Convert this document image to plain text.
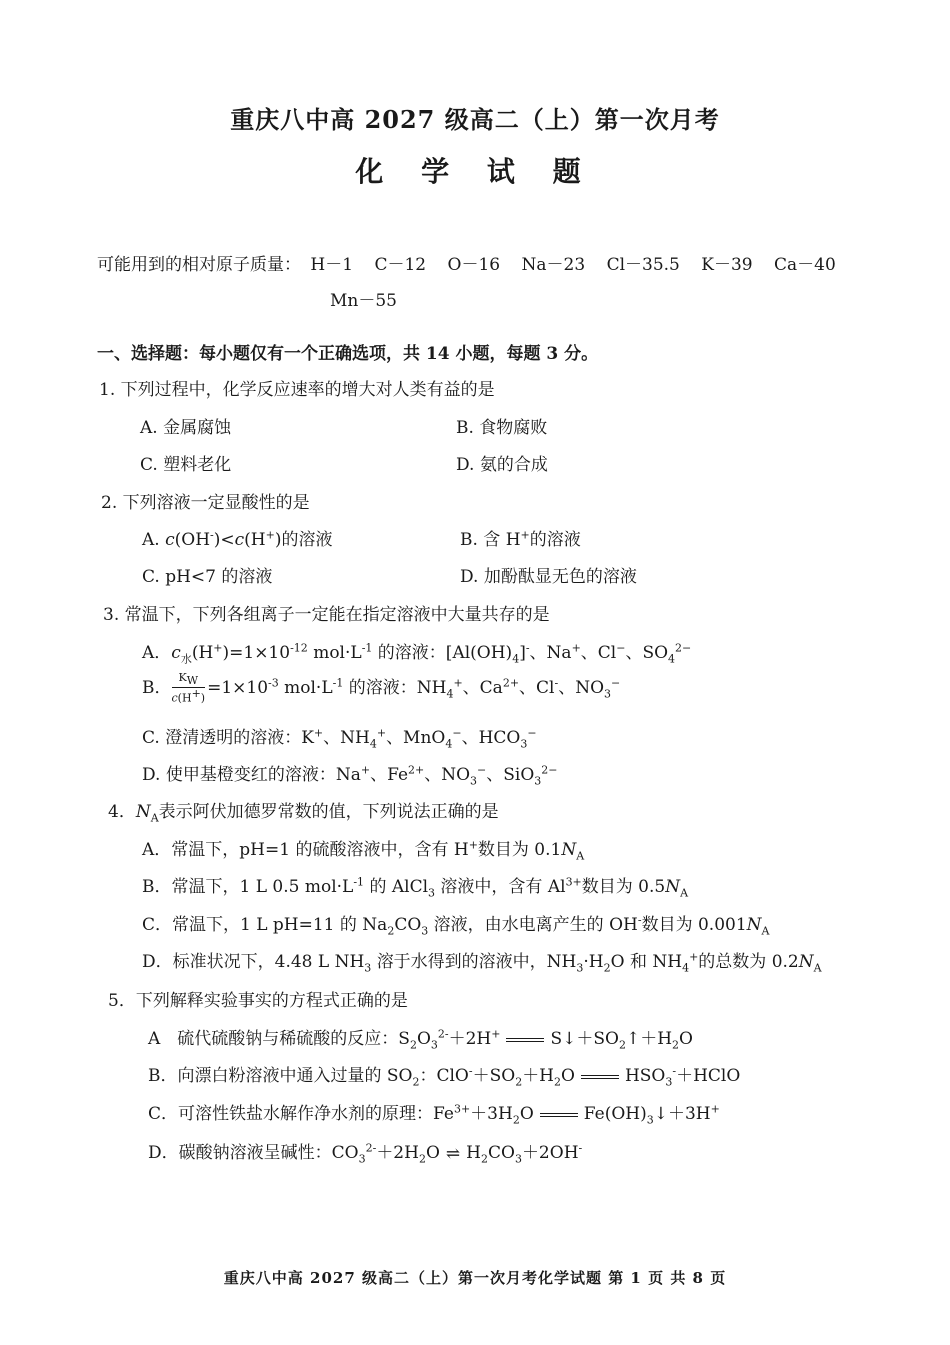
重庆八中高 2027 级高二（上）第一次月考
化 学 试 题
可能用到的相对原子质量： H－1 C－12 O－16 Na－23 Cl－35.5 K－39 Ca－40
Mn－55
一、选择题：每小题仅有一个正确选项，共 14 小题，每题 3 分。
1. 下列过程中，化学反应速率的增大对人类有益的是
A. 金属腐蚀	B. 食物腐败
C. 塑料老化	D. 氨的合成
2. 下列溶液一定显酸性的是
A. c(OH-)<c(H+)的溶液	B. 含 H+的溶液
C. pH<7 的溶液	D. 加酚酞显无色的溶液
3. 常温下，下列各组离子一定能在指定溶液中大量共存的是
A．$c_水(H^+)=1\times 10^{-12}$ $mol\cdot L^{-1}$ 的溶液：$[Al(OH)_4]^-$、Na+、Cl−、$SO_4^{2-}$
B． $\frac{K_W}{c(H^+)} =1\times 10^{-3}$ $mol\cdot L^{-1}$ 的溶液：$NH_4^+$、$Ca^{2+}$、Cl-、$NO_3^-$
C. 澄清透明的溶液：K+、$NH_4^+$、MnO$_4$−、$HCO_3^-$
D. 使甲基橙变红的溶液：Na+、$Fe^{2+}$、$NO_3^-$、SiO$_3^{2-}$
4．$N_A$表示阿伏加德罗常数的值，下列说法正确的是
A．常温下，pH=1 的硫酸溶液中，含有 H+数目为 $0.1N_A$
B．常温下，1 L 0.5 $mol\cdot L^{-1}$ 的 AlCl$_3$ 溶液中，含有 $Al^{3+}$数目为 $0.5N_A$
C．常温下，1 L pH=11 的 $Na_2CO_3$ 溶液，由水电离产生的 OH-数目为 $0.001N_A$
D．标准状况下，4.48 L $NH_3$ 溶于水得到的溶液中，$NH_3\cdot H_2O$ 和 $NH_4^+$的总数为 $0.2N_A$
5．下列解释实验事实的方程式正确的是
A　硫代硫酸钠与稀硫酸的反应：$S_2O_3^{2-}+2H^+$	$S↓+SO_2↑+H_2O$
B．向漂白粉溶液中通入过量的 $SO_2$：$ClO^-+SO_2+H_2O$	$HSO_3^-+HClO$
C．可溶性铁盐水解作净水剂的原理：$Fe^{3+}+3H_2O$	$Fe(OH)_3↓+3H^+$
D．碳酸钠溶液呈碱性：$CO_3^{2-}+2H_2O$ ⇌ $H_2CO_3+2OH^-$
重庆八中高 2027 级高二（上）第一次月考化学试题 第 1 页 共 8 页
